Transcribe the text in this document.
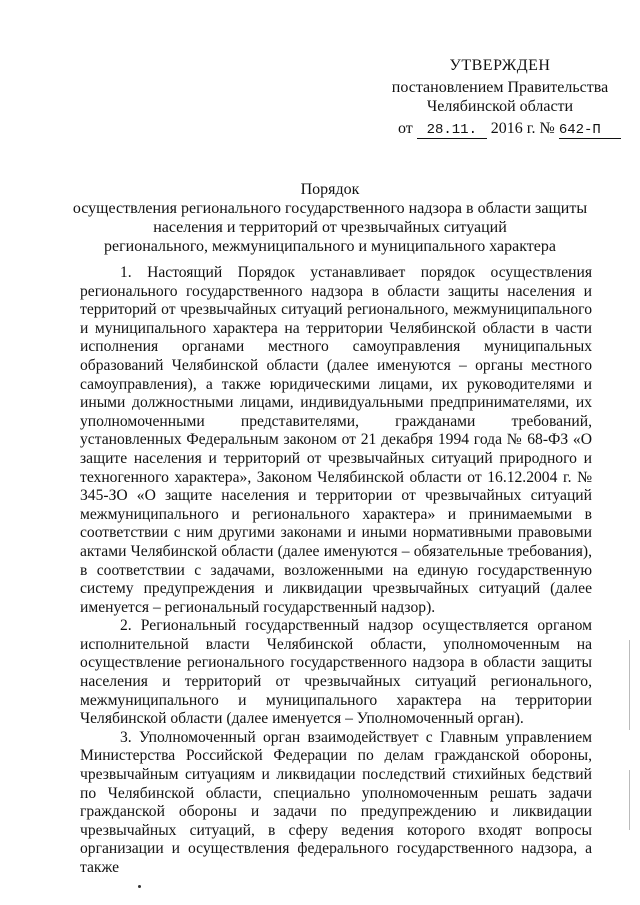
УТВЕРЖДЕН
постановлением Правительства
Челябинской области
от 28.11. 2016 г. № 642-П
Порядок
осуществления регионального государственного надзора в области защиты
населения и территорий от чрезвычайных ситуаций
регионального, межмуниципального и муниципального характера

1. Настоящий Порядок устанавливает порядок осуществления регионального государственного надзора в области защиты населения и территорий от чрезвычайных ситуаций регионального, межмуниципального и муниципального характера на территории Челябинской области в части исполнения органами местного самоуправления муниципальных образований Челябинской области (далее именуются – органы местного самоуправления), а также юридическими лицами, их руководителями и иными должностными лицами, индивидуальными предпринимателями, их уполномоченными представителями, гражданами требований, установленных Федеральным законом от 21 декабря 1994 года № 68-ФЗ «О защите населения и территорий от чрезвычайных ситуаций природного и техногенного характера», Законом Челябинской области от 16.12.2004 г. № 345-ЗО «О защите населения и территории от чрезвычайных ситуаций межмуниципального и регионального характера» и принимаемыми в соответствии с ним другими законами и иными нормативными правовыми актами Челябинской области (далее именуются – обязательные требования), в соответствии с задачами, возложенными на единую государственную систему предупреждения и ликвидации чрезвычайных ситуаций (далее именуется – региональный государственный надзор).

2. Региональный государственный надзор осуществляется органом исполнительной власти Челябинской области, уполномоченным на осуществление регионального государственного надзора в области защиты населения и территорий от чрезвычайных ситуаций регионального, межмуниципального и муниципального характера на территории Челябинской области (далее именуется – Уполномоченный орган).

3. Уполномоченный орган взаимодействует с Главным управлением Министерства Российской Федерации по делам гражданской обороны, чрезвычайным ситуациям и ликвидации последствий стихийных бедствий по Челябинской области, специально уполномоченным решать задачи гражданской обороны и задачи по предупреждению и ликвидации чрезвычайных ситуаций, в сферу ведения которого входят вопросы организации и осуществления федерального государственного надзора, а также
